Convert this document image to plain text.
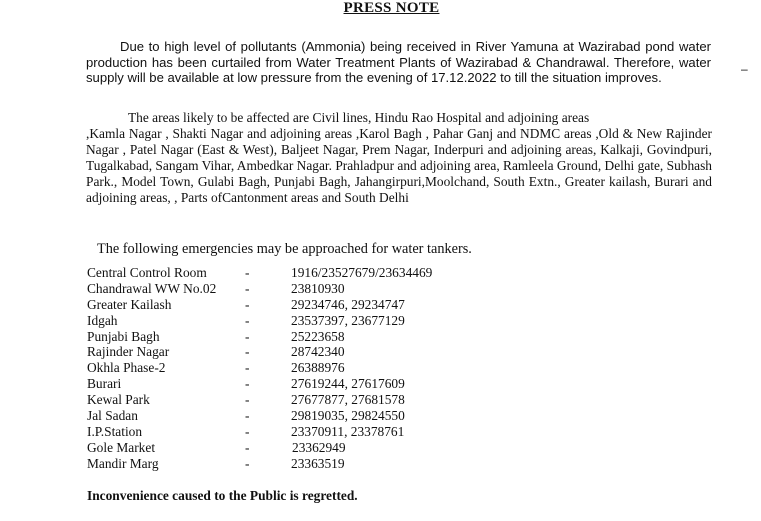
PRESS NOTE
Due to high level of pollutants (Ammonia) being received in River Yamuna at Wazirabad pond water production has been curtailed from Water Treatment Plants of Wazirabad & Chandrawal. Therefore, water supply will be available at low pressure from the evening of 17.12.2022 to till the situation improves.
–
The areas likely to be affected are Civil lines, Hindu Rao Hospital and adjoining areas
,Kamla Nagar , Shakti Nagar and adjoining areas ,Karol Bagh , Pahar Ganj and NDMC areas ,Old & New Rajinder Nagar , Patel Nagar (East & West), Baljeet Nagar, Prem Nagar, Inderpuri and adjoining areas, Kalkaji, Govindpuri, Tugalkabad, Sangam Vihar, Ambedkar Nagar. Prahladpur and adjoining area, Ramleela Ground, Delhi gate, Subhash Park., Model Town, Gulabi Bagh, Punjabi Bagh, Jahangirpuri,Moolchand, South Extn., Greater kailash, Burari and adjoining areas, , Parts ofCantonment areas and South Delhi
The following emergencies may be approached for water tankers.
Central Control Room	-	1916/23527679/23634469
Chandrawal WW No.02 -	23810930
Greater Kailash	-	29234746, 29234747
Idgah	-	23537397, 23677129
Punjabi Bagh	-	25223658
Rajinder Nagar	-	28742340
Okhla Phase-2	-	26388976
Burari	-	27619244, 27617609
Kewal Park	-	27677877, 27681578
Jal Sadan	-	29819035, 29824550
I.P.Station	-	23370911, 23378761
Gole Market	-	23362949
Mandir Marg	-	23363519
Inconvenience caused to the Public is regretted.
